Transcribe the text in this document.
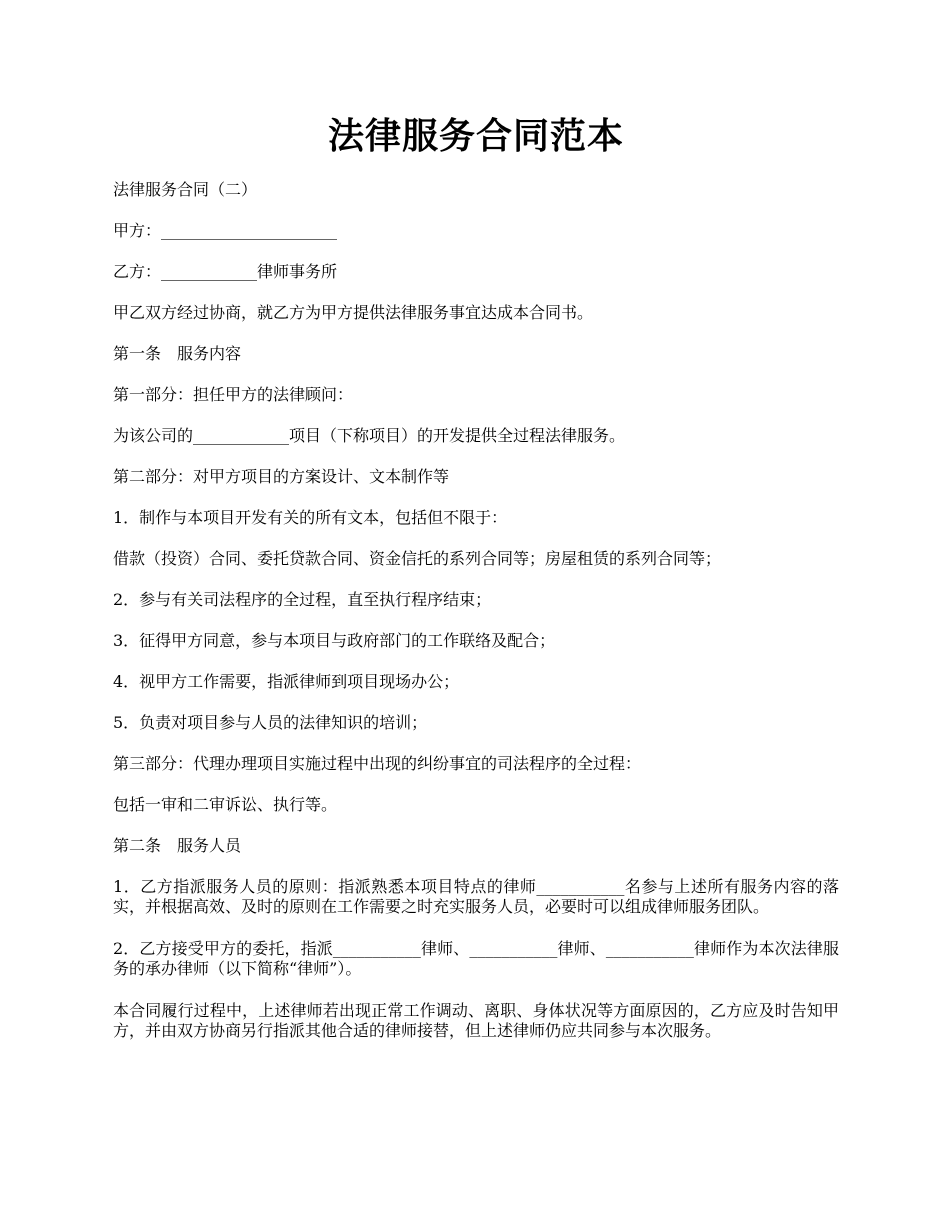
法律服务合同范本

法律服务合同（二）

甲方：______________________

乙方：____________律师事务所

甲乙双方经过协商，就乙方为甲方提供法律服务事宜达成本合同书。

第一条　服务内容

第一部分：担任甲方的法律顾问：

为该公司的____________项目（下称项目）的开发提供全过程法律服务。

第二部分：对甲方项目的方案设计、文本制作等

1．制作与本项目开发有关的所有文本，包括但不限于：

借款（投资）合同、委托贷款合同、资金信托的系列合同等；房屋租赁的系列合同等；

2．参与有关司法程序的全过程，直至执行程序结束；

3．征得甲方同意，参与本项目与政府部门的工作联络及配合；

4．视甲方工作需要，指派律师到项目现场办公；

5．负责对项目参与人员的法律知识的培训；

第三部分：代理办理项目实施过程中出现的纠纷事宜的司法程序的全过程：

包括一审和二审诉讼、执行等。

第二条　服务人员

1．乙方指派服务人员的原则：指派熟悉本项目特点的律师___________名参与上述所有服务内容的落实，并根据高效、及时的原则在工作需要之时充实服务人员，必要时可以组成律师服务团队。

2．乙方接受甲方的委托，指派___________律师、___________律师、___________律师作为本次法律服务的承办律师（以下简称“律师”）。

本合同履行过程中，上述律师若出现正常工作调动、离职、身体状况等方面原因的，乙方应及时告知甲方，并由双方协商另行指派其他合适的律师接替，但上述律师仍应共同参与本次服务。
